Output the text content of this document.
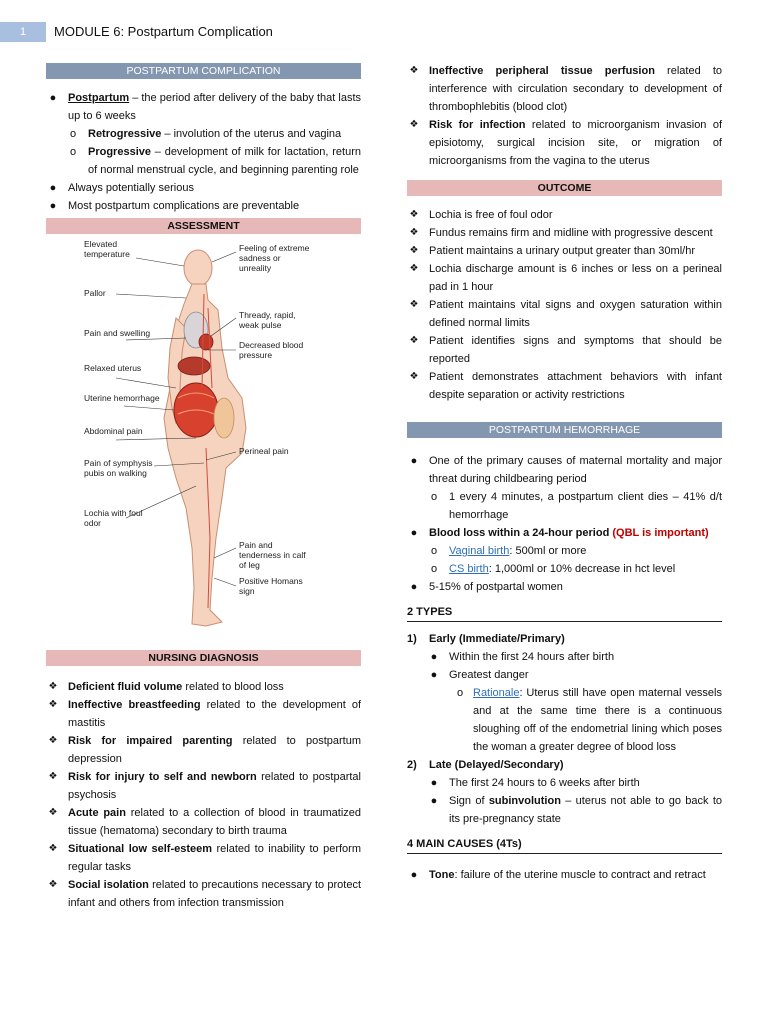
1	MODULE 6: Postpartum Complication
POSTPARTUM COMPLICATION
●	Postpartum – the period after delivery of the baby that lasts up to 6 weeks
o	Retrogressive – involution of the uterus and vagina
o	Progressive – development of milk for lactation, return of normal menstrual cycle, and beginning parenting role
●	Always potentially serious
●	Most postpartum complications are preventable
ASSESSMENT
Elevated temperature
Pallor
Pain and swelling
Relaxed uterus
Uterine hemorrhage
Abdominal pain
Pain of symphysis pubis on walking
Lochia with foul odor
Feeling of extreme sadness or unreality
Thready, rapid, weak pulse
Decreased blood pressure
Perineal pain
Pain and tenderness in calf of leg
Positive Homans sign
NURSING DIAGNOSIS
❖ Deficient fluid volume related to blood loss
❖ Ineffective breastfeeding related to the development of mastitis
❖ Risk for impaired parenting related to postpartum depression
❖ Risk for injury to self and newborn related to postpartal psychosis
❖ Acute pain related to a collection of blood in traumatized tissue (hematoma) secondary to birth trauma
❖ Situational low self-esteem related to inability to perform regular tasks
❖ Social isolation related to precautions necessary to protect infant and others from infection transmission
❖ Ineffective peripheral tissue perfusion related to interference with circulation secondary to development of thrombophlebitis (blood clot)
❖ Risk for infection related to microorganism invasion of episiotomy, surgical incision site, or migration of microorganisms from the vagina to the uterus
OUTCOME
❖ Lochia is free of foul odor
❖ Fundus remains firm and midline with progressive descent
❖ Patient maintains a urinary output greater than 30ml/hr
❖ Lochia discharge amount is 6 inches or less on a perineal pad in 1 hour
❖ Patient maintains vital signs and oxygen saturation within defined normal limits
❖ Patient identifies signs and symptoms that should be reported
❖ Patient demonstrates attachment behaviors with infant despite separation or activity restrictions
POSTPARTUM HEMORRHAGE
●	One of the primary causes of maternal mortality and major threat during childbearing period
o	1 every 4 minutes, a postpartum client dies – 41% d/t hemorrhage
●	Blood loss within a 24-hour period (QBL is important)
o	Vaginal birth: 500ml or more
o	CS birth: 1,000ml or 10% decrease in hct level
●	5-15% of postpartal women
2 TYPES
1) Early (Immediate/Primary)
●	Within the first 24 hours after birth
●	Greatest danger
o Rationale: Uterus still have open maternal vessels and at the same time there is a continuous sloughing off of the endometrial lining which poses the woman a greater degree of blood loss
2) Late (Delayed/Secondary)
●	The first 24 hours to 6 weeks after birth
●	Sign of subinvolution – uterus not able to go back to its pre-pregnancy state
4 MAIN CAUSES (4Ts)
●	Tone: failure of the uterine muscle to contract and retract
